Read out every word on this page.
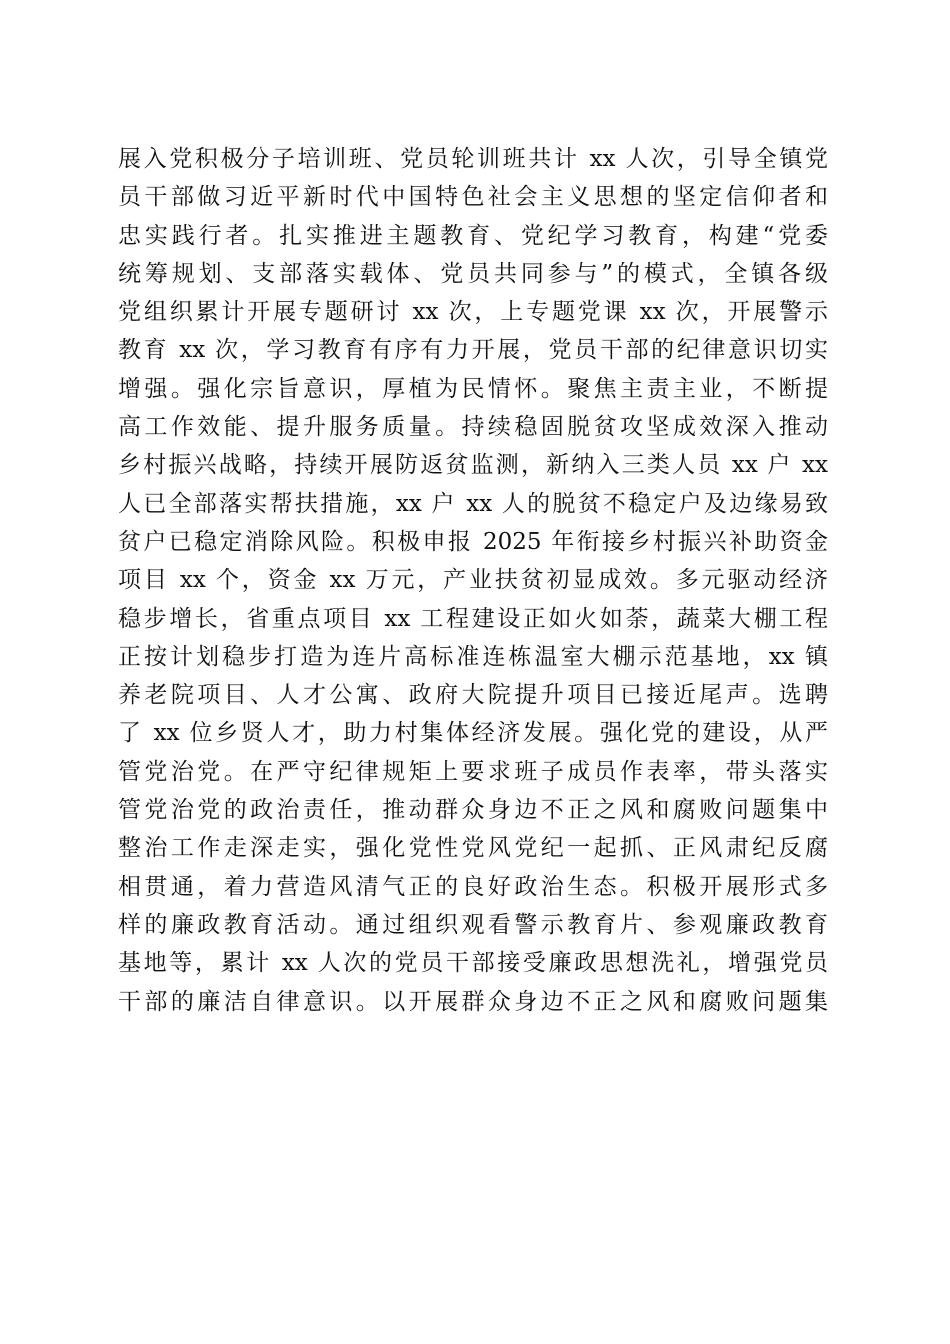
展入党积极分子培训班、党员轮训班共计 xx 人次，引导全镇党
员干部做习近平新时代中国特色社会主义思想的坚定信仰者和
忠实践行者。扎实推进主题教育、党纪学习教育，构建“党委
统筹规划、支部落实载体、党员共同参与”的模式，全镇各级
党组织累计开展专题研讨 xx 次，上专题党课 xx 次，开展警示
教育 xx 次，学习教育有序有力开展，党员干部的纪律意识切实
增强。强化宗旨意识，厚植为民情怀。聚焦主责主业，不断提
高工作效能、提升服务质量。持续稳固脱贫攻坚成效深入推动
乡村振兴战略，持续开展防返贫监测，新纳入三类人员 xx 户 xx
人已全部落实帮扶措施，xx 户 xx 人的脱贫不稳定户及边缘易致
贫户已稳定消除风险。积极申报 2025 年衔接乡村振兴补助资金
项目 xx 个，资金 xx 万元，产业扶贫初显成效。多元驱动经济
稳步增长，省重点项目 xx 工程建设正如火如荼，蔬菜大棚工程
正按计划稳步打造为连片高标准连栋温室大棚示范基地，xx 镇
养老院项目、人才公寓、政府大院提升项目已接近尾声。选聘
了 xx 位乡贤人才，助力村集体经济发展。强化党的建设，从严
管党治党。在严守纪律规矩上要求班子成员作表率，带头落实
管党治党的政治责任，推动群众身边不正之风和腐败问题集中
整治工作走深走实，强化党性党风党纪一起抓、正风肃纪反腐
相贯通，着力营造风清气正的良好政治生态。积极开展形式多
样的廉政教育活动。通过组织观看警示教育片、参观廉政教育
基地等，累计 xx 人次的党员干部接受廉政思想洗礼，增强党员
干部的廉洁自律意识。以开展群众身边不正之风和腐败问题集
